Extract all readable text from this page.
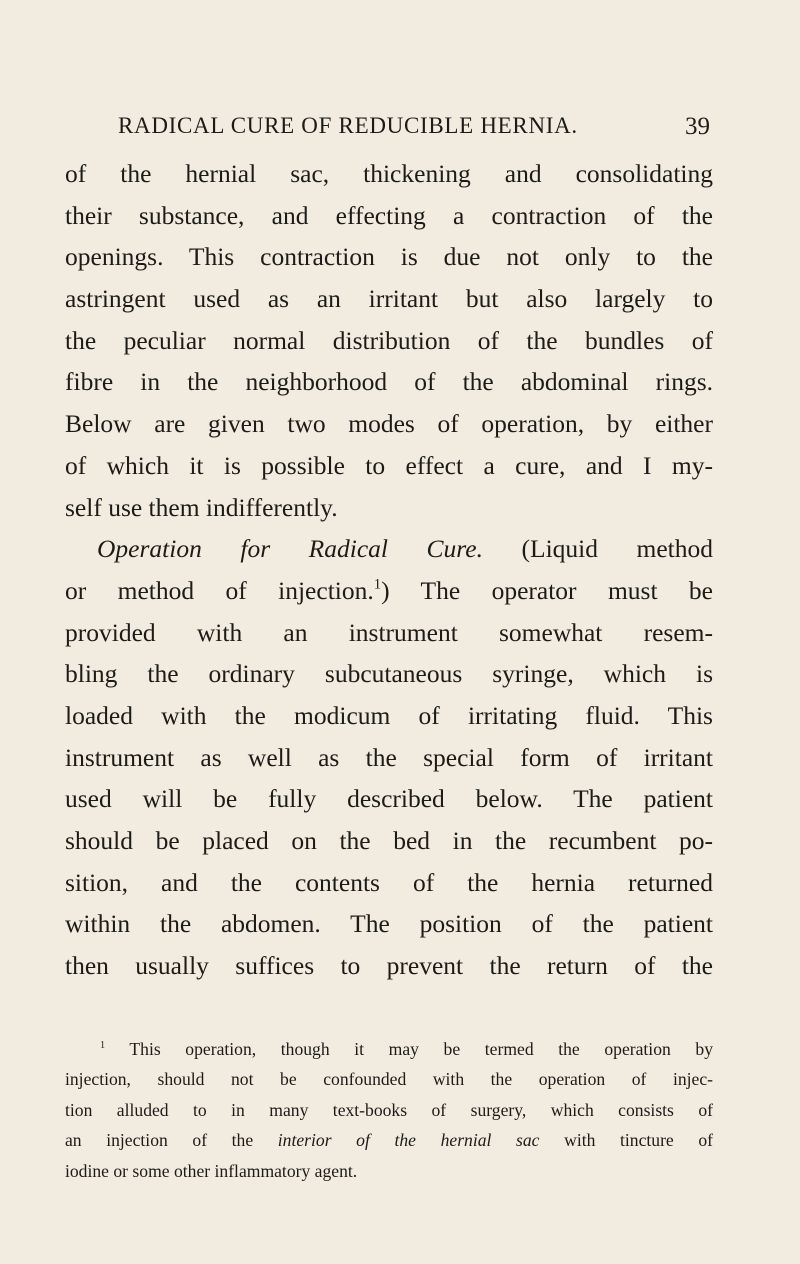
RADICAL CURE OF REDUCIBLE HERNIA.	39
of the hernial sac, thickening and consolidating
their substance, and effecting a contraction of the
openings. This contraction is due not only to the
astringent used as an irritant but also largely to
the peculiar normal distribution of the bundles of
fibre in the neighborhood of the abdominal rings.
Below are given two modes of operation, by either
of which it is possible to effect a cure, and I my-
self use them indifferently.
Operation for Radical Cure. (Liquid method
or method of injection.$^1$) The operator must be
provided with an instrument somewhat resem-
bling the ordinary subcutaneous syringe, which is
loaded with the modicum of irritating fluid. This
instrument as well as the special form of irritant
used will be fully described below. The patient
should be placed on the bed in the recumbent po-
sition, and the contents of the hernia returned
within the abdomen. The position of the patient
then usually suffices to prevent the return of the
$^1$ This operation, though it may be termed the operation by
injection, should not be confounded with the operation of injec-
tion alluded to in many text-books of surgery, which consists of
an injection of the interior of the hernial sac with tincture of
iodine or some other inflammatory agent.
